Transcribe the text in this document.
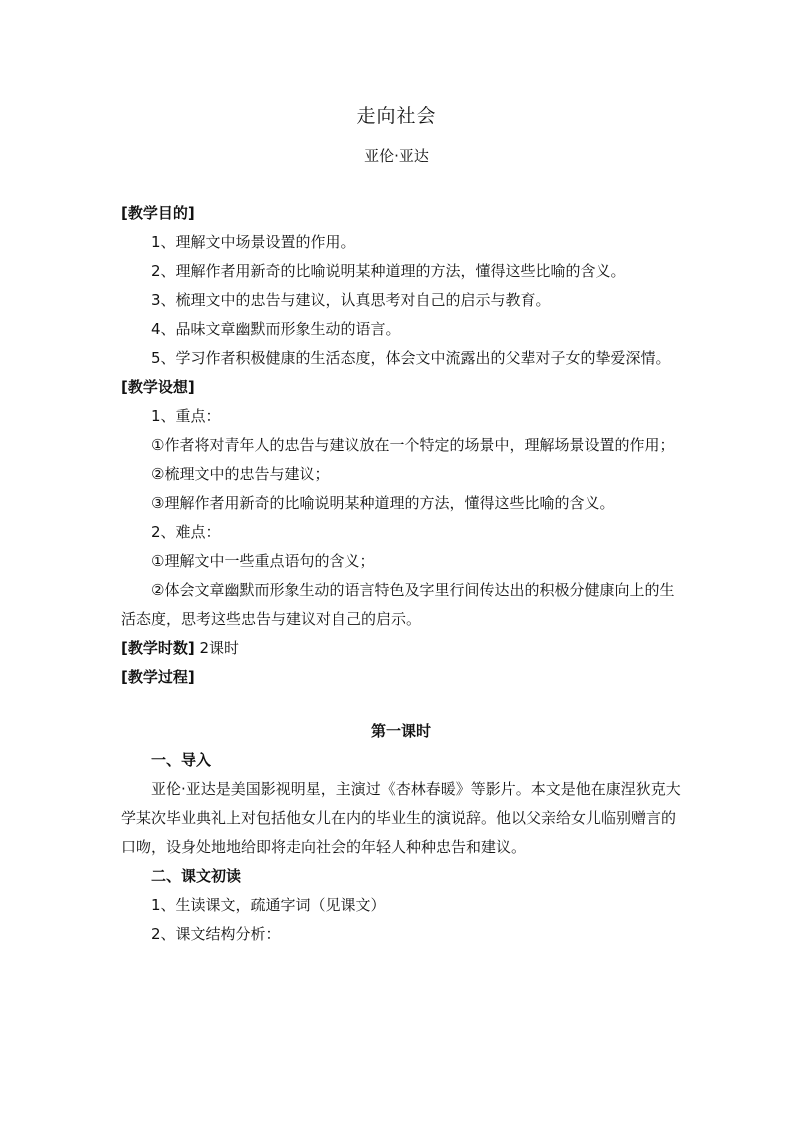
走向社会
亚伦·亚达

[教学目的]

1、理解文中场景设置的作用。

2、理解作者用新奇的比喻说明某种道理的方法，懂得这些比喻的含义。

3、梳理文中的忠告与建议，认真思考对自己的启示与教育。

4、品味文章幽默而形象生动的语言。

5、学习作者积极健康的生活态度，体会文中流露出的父辈对子女的挚爱深情。

[教学设想]

1、重点：

①作者将对青年人的忠告与建议放在一个特定的场景中，理解场景设置的作用；

②梳理文中的忠告与建议；

③理解作者用新奇的比喻说明某种道理的方法，懂得这些比喻的含义。

2、难点：

①理解文中一些重点语句的含义；

②体会文章幽默而形象生动的语言特色及字里行间传达出的积极分健康向上的生活态度，思考这些忠告与建议对自己的启示。

[教学时数] 2课时

[教学过程]

第一课时

一、导入

亚伦·亚达是美国影视明星，主演过《杏林春暖》等影片。本文是他在康涅狄克大学某次毕业典礼上对包括他女儿在内的毕业生的演说辞。他以父亲给女儿临别赠言的口吻，设身处地地给即将走向社会的年轻人种种忠告和建议。

二、课文初读

1、生读课文，疏通字词（见课文）

2、课文结构分析：
